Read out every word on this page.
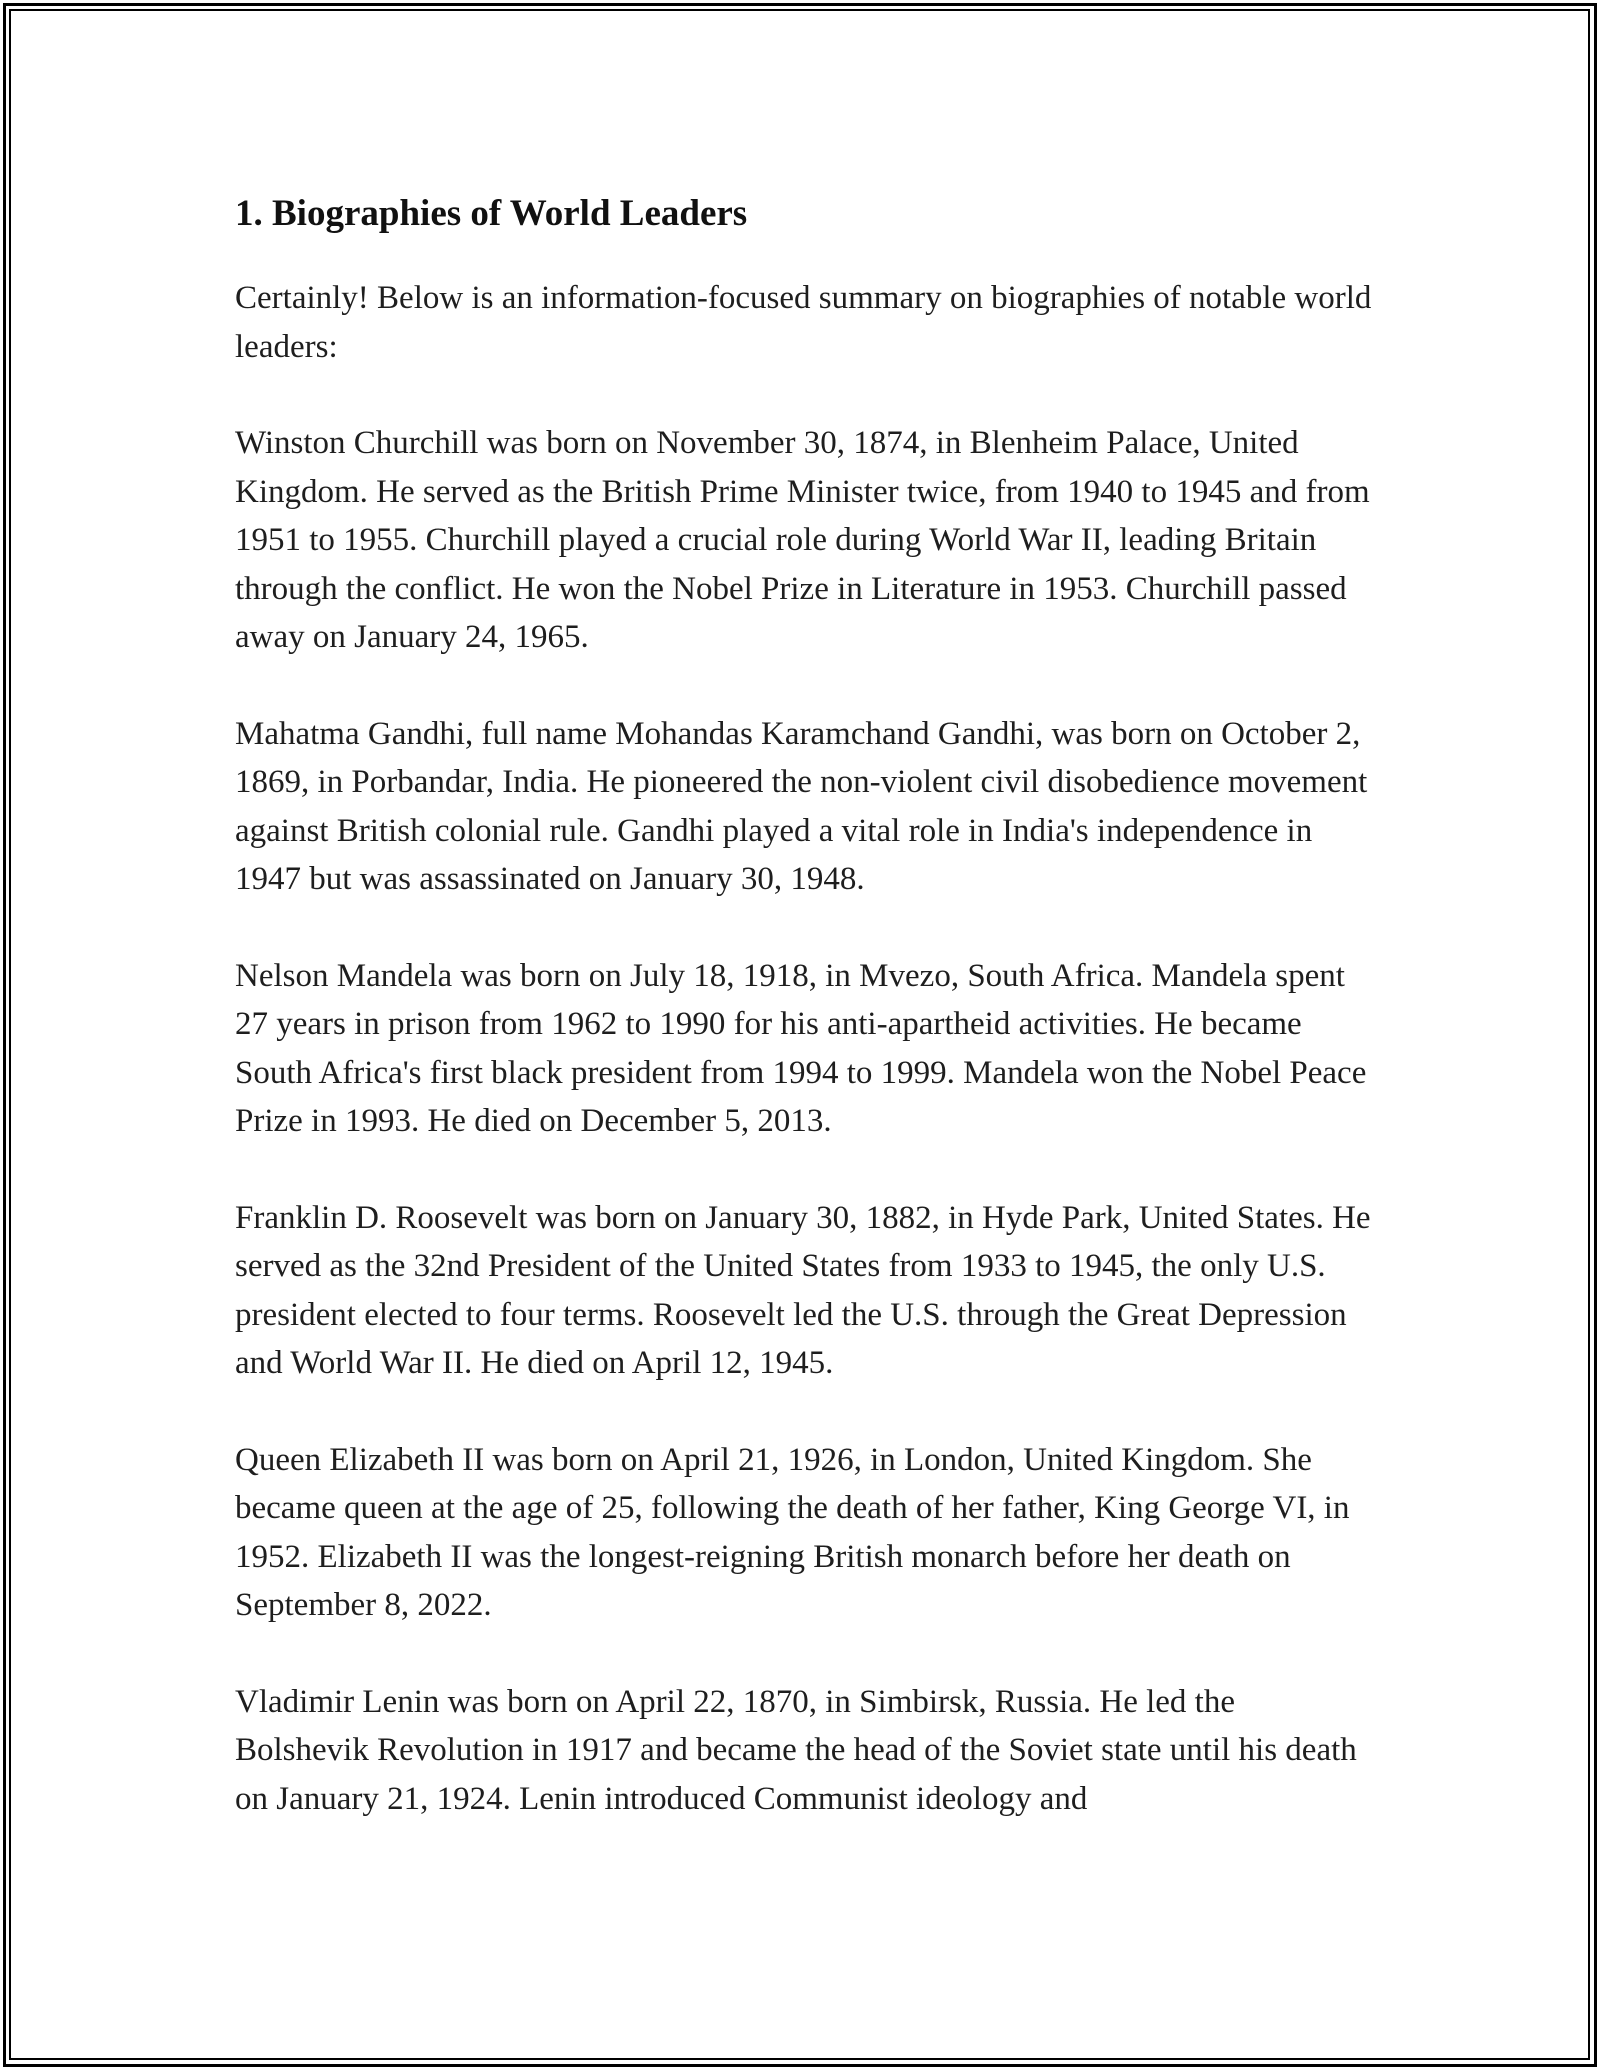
1. Biographies of World Leaders

Certainly! Below is an information-focused summary on biographies of notable world leaders:

Winston Churchill was born on November 30, 1874, in Blenheim Palace, United Kingdom. He served as the British Prime Minister twice, from 1940 to 1945 and from 1951 to 1955. Churchill played a crucial role during World War II, leading Britain through the conflict. He won the Nobel Prize in Literature in 1953. Churchill passed away on January 24, 1965.

Mahatma Gandhi, full name Mohandas Karamchand Gandhi, was born on October 2, 1869, in Porbandar, India. He pioneered the non-violent civil disobedience movement against British colonial rule. Gandhi played a vital role in India's independence in 1947 but was assassinated on January 30, 1948.

Nelson Mandela was born on July 18, 1918, in Mvezo, South Africa. Mandela spent 27 years in prison from 1962 to 1990 for his anti-apartheid activities. He became South Africa's first black president from 1994 to 1999. Mandela won the Nobel Peace Prize in 1993. He died on December 5, 2013.

Franklin D. Roosevelt was born on January 30, 1882, in Hyde Park, United States. He served as the 32nd President of the United States from 1933 to 1945, the only U.S. president elected to four terms. Roosevelt led the U.S. through the Great Depression and World War II. He died on April 12, 1945.

Queen Elizabeth II was born on April 21, 1926, in London, United Kingdom. She became queen at the age of 25, following the death of her father, King George VI, in 1952. Elizabeth II was the longest-reigning British monarch before her death on September 8, 2022.

Vladimir Lenin was born on April 22, 1870, in Simbirsk, Russia. He led the Bolshevik Revolution in 1917 and became the head of the Soviet state until his death on January 21, 1924. Lenin introduced Communist ideology and
